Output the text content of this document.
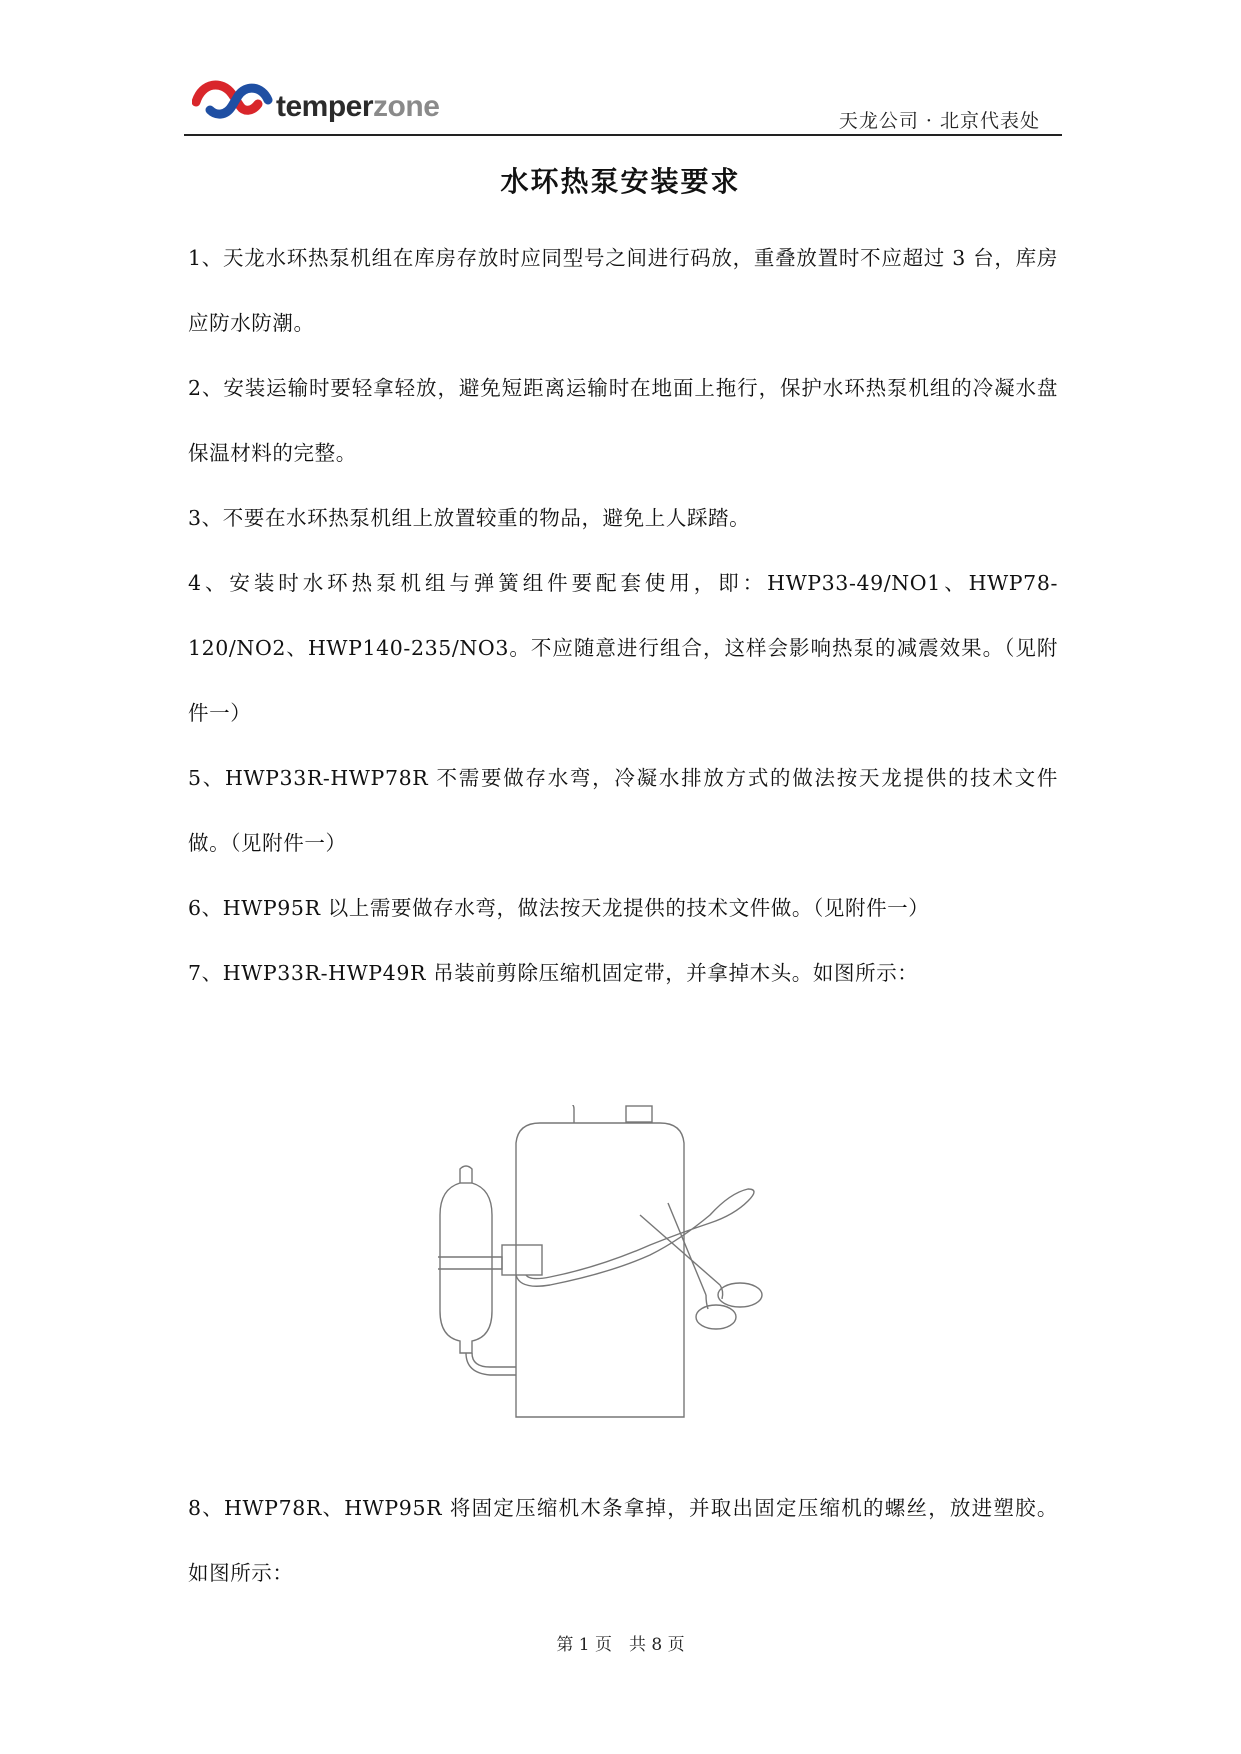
temperzone	天龙公司 · 北京代表处
水环热泵安装要求

1、天龙水环热泵机组在库房存放时应同型号之间进行码放，重叠放置时不应超过 3 台，库房应防水防潮。

2、安装运输时要轻拿轻放，避免短距离运输时在地面上拖行，保护水环热泵机组的冷凝水盘保温材料的完整。

3、不要在水环热泵机组上放置较重的物品，避免上人踩踏。

4、安装时水环热泵机组与弹簧组件要配套使用，即：HWP33-49/NO1、HWP78-120/NO2、HWP140-235/NO3。不应随意进行组合，这样会影响热泵的减震效果。（见附件一）

5、HWP33R-HWP78R 不需要做存水弯，冷凝水排放方式的做法按天龙提供的技术文件做。（见附件一）

6、HWP95R 以上需要做存水弯，做法按天龙提供的技术文件做。（见附件一）

7、HWP33R-HWP49R 吊装前剪除压缩机固定带，并拿掉木头。如图所示：

8、HWP78R、HWP95R 将固定压缩机木条拿掉，并取出固定压缩机的螺丝，放进塑胶。 如图所示：

第 1 页　共 8 页
